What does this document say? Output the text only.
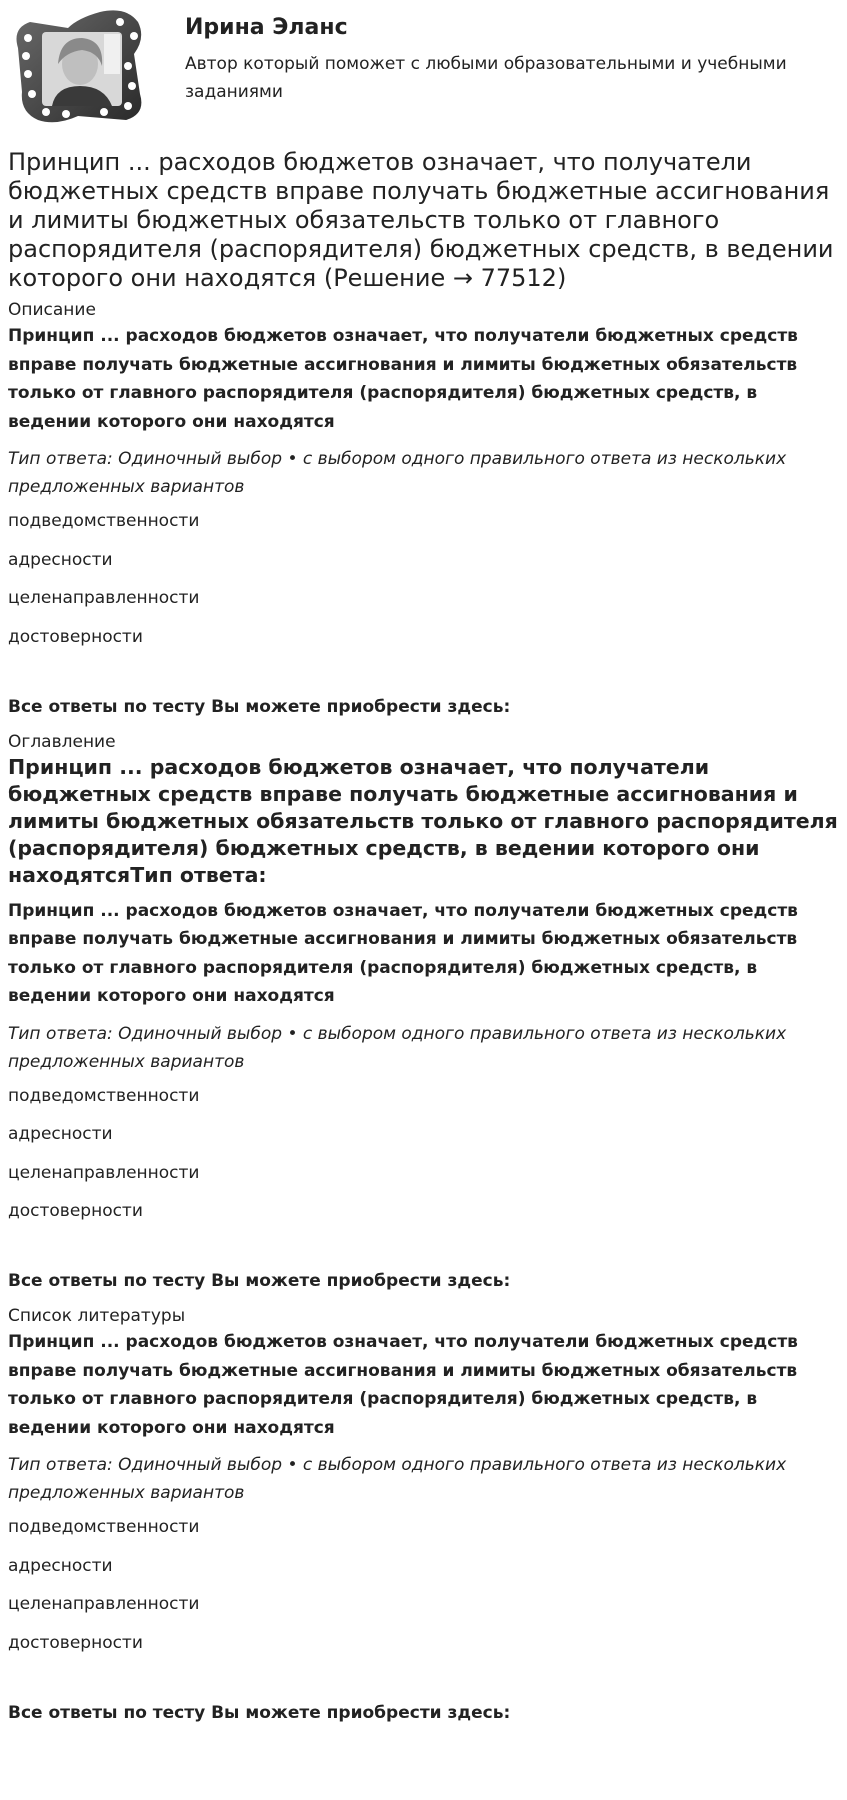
Ирина Эланс

Автор который поможет с любыми образовательными и учебными заданиями

Принцип ... расходов бюджетов означает, что получатели бюджетных средств вправе получать бюджетные ассигнования и лимиты бюджетных обязательств только от главного распорядителя (распорядителя) бюджетных средств, в ведении которого они находятся (Решение → 77512)

Описание

Принцип ... расходов бюджетов означает, что получатели бюджетных средств вправе получать бюджетные ассигнования и лимиты бюджетных обязательств только от главного распорядителя (распорядителя) бюджетных средств, в ведении которого они находятся

Тип ответа: Одиночный выбор • с выбором одного правильного ответа из нескольких предложенных вариантов

подведомственности

адресности

целенаправленности

достоверности

Все ответы по тесту Вы можете приобрести здесь:

Оглавление

Принцип ... расходов бюджетов означает, что получатели бюджетных средств вправе получать бюджетные ассигнования и лимиты бюджетных обязательств только от главного распорядителя (распорядителя) бюджетных средств, в ведении которого они находятсяТип ответа:

Принцип ... расходов бюджетов означает, что получатели бюджетных средств вправе получать бюджетные ассигнования и лимиты бюджетных обязательств только от главного распорядителя (распорядителя) бюджетных средств, в ведении которого они находятся

Тип ответа: Одиночный выбор • с выбором одного правильного ответа из нескольких предложенных вариантов

подведомственности

адресности

целенаправленности

достоверности

Все ответы по тесту Вы можете приобрести здесь:

Список литературы

Принцип ... расходов бюджетов означает, что получатели бюджетных средств вправе получать бюджетные ассигнования и лимиты бюджетных обязательств только от главного распорядителя (распорядителя) бюджетных средств, в ведении которого они находятся

Тип ответа: Одиночный выбор • с выбором одного правильного ответа из нескольких предложенных вариантов

подведомственности

адресности

целенаправленности

достоверности

Все ответы по тесту Вы можете приобрести здесь:
